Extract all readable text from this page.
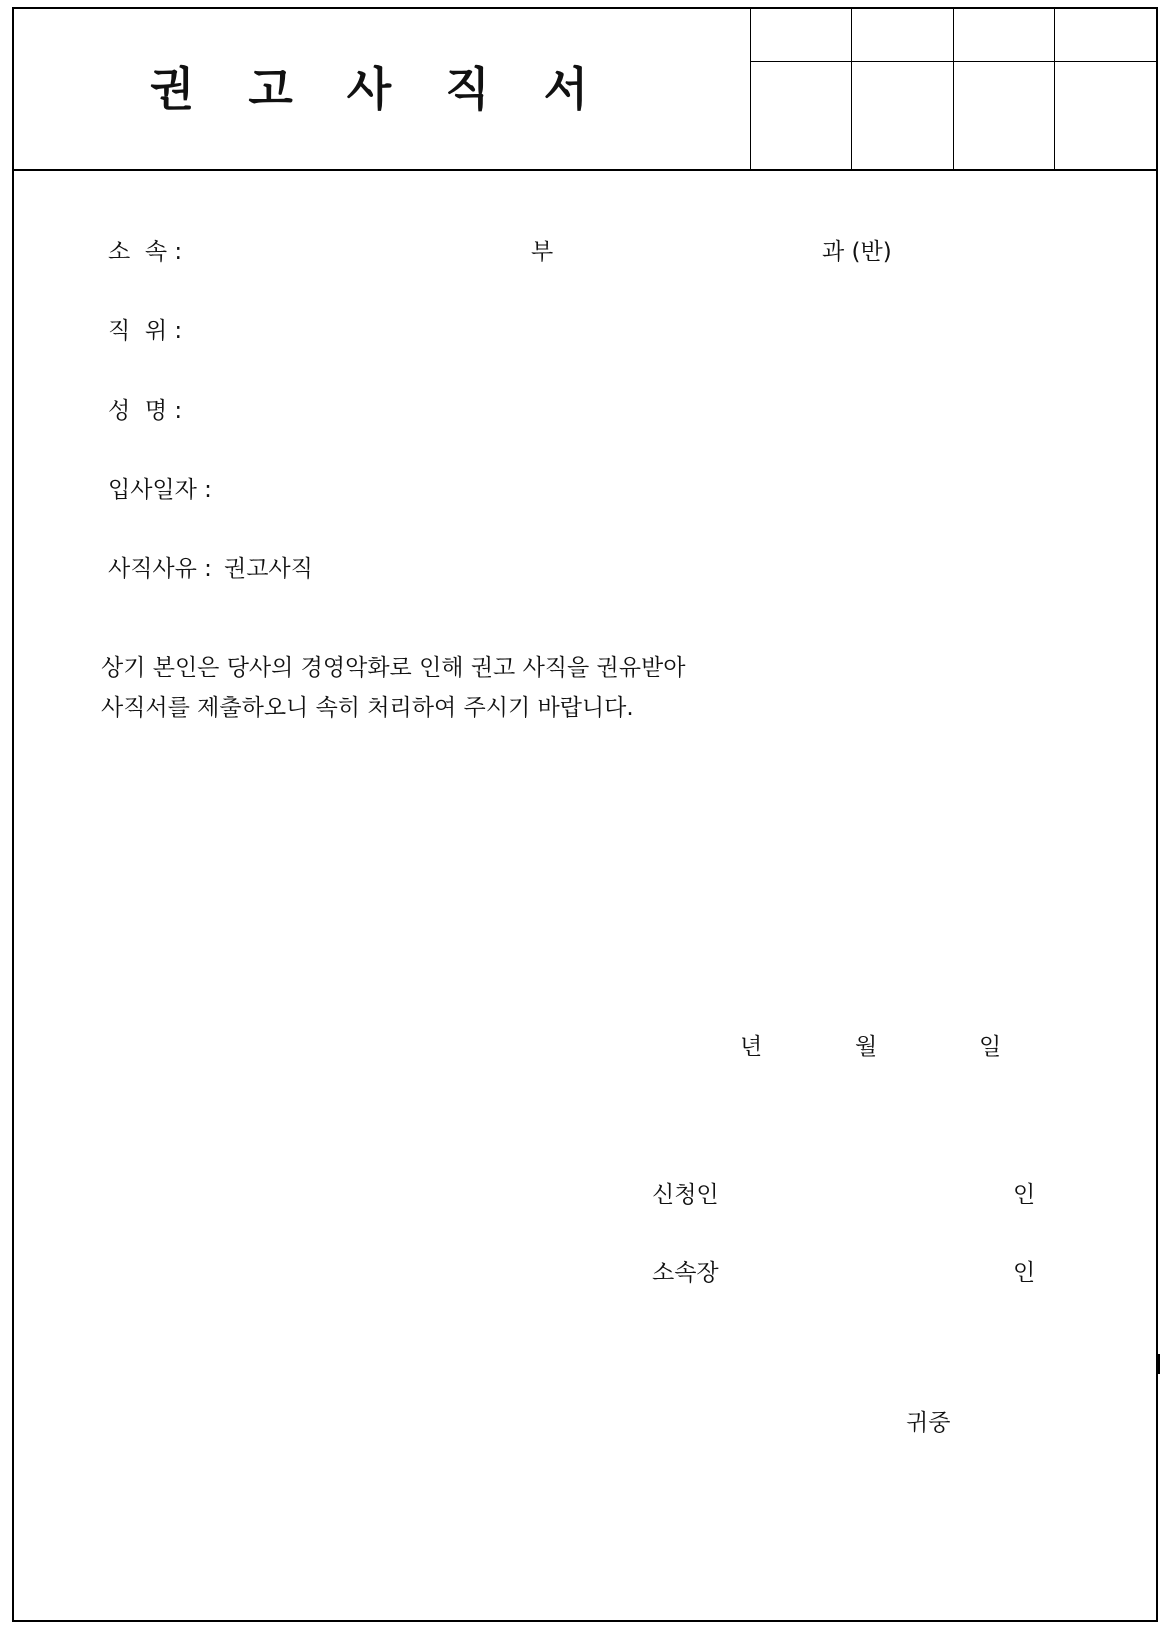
권고사직서

소  속 :	부	과 (반)
직  위 :
성  명 :
입사일자 :
사직사유 : 권고사직
상기 본인은 당사의 경영악화로 인해 권고 사직을 권유받아
사직서를 제출하오니 속히 처리하여 주시기 바랍니다.
년	월	일
신청인	인
소속장	인
귀중
